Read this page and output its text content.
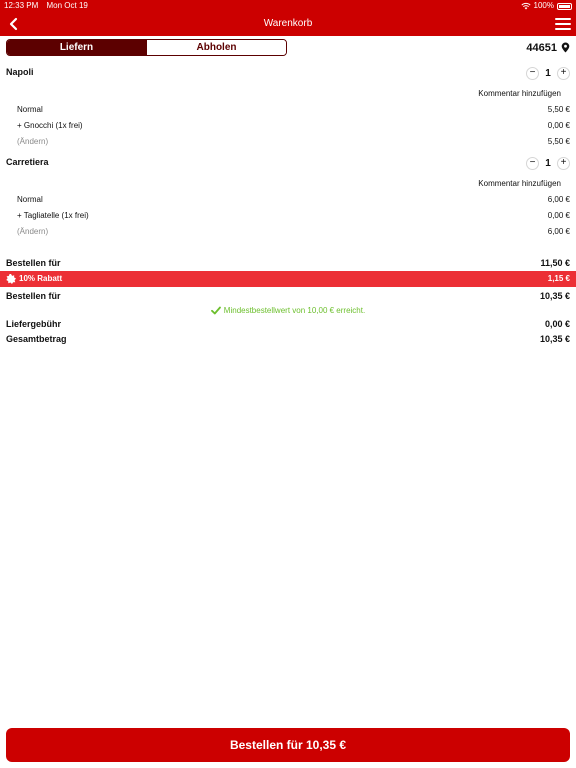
12:33 PM Mon Oct 19	100%
Warenkorb
Liefern	Abholen	44651
Napoli	− 1 +
Kommentar hinzufügen
Normal	5,50 €
+ Gnocchi (1x frei)	0,00 €
(Ändern)	5,50 €
Carretiera	− 1 +
Kommentar hinzufügen
Normal	6,00 €
+ Tagliatelle (1x frei)	0,00 €
(Ändern)	6,00 €
Bestellen für	11,50 €
10% Rabatt	1,15 €
Bestellen für	10,35 €
Mindestbestellwert von 10,00 € erreicht.
Liefergebühr	0,00 €
Gesamtbetrag	10,35 €
Bestellen für 10,35 €
